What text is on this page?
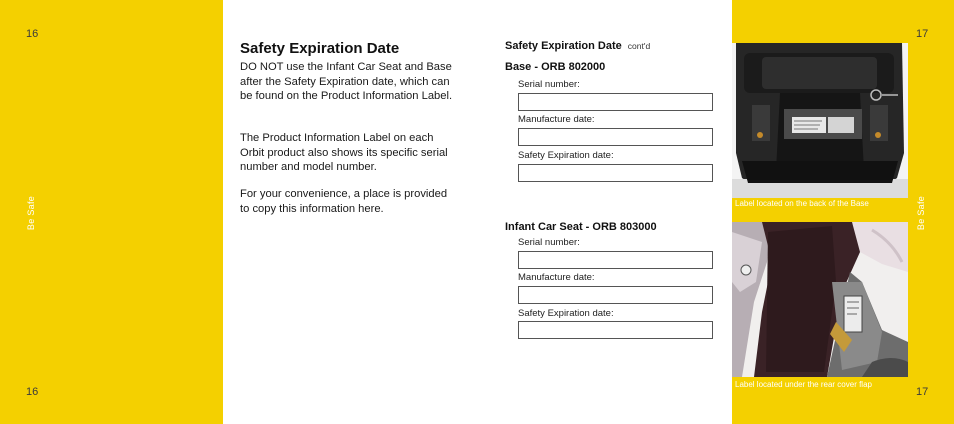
16
16
Be Safe
17
17
Be Safe
Safety Expiration Date

DO NOT use the Infant Car Seat and Base after the Safety Expiration date, which can be found on the Product Information Label.

The Product Information Label on each Orbit product also shows its specific serial number and model number.

For your convenience, a place is provided to copy this information here.

Safety Expiration Date cont'd
Base - ORB 802000
Serial number:
Manufacture date:
Safety Expiration date:
Infant Car Seat - ORB 803000
Serial number:
Manufacture date:
Safety Expiration date:
Label located on the back of the Base
Label located under the rear cover flap
